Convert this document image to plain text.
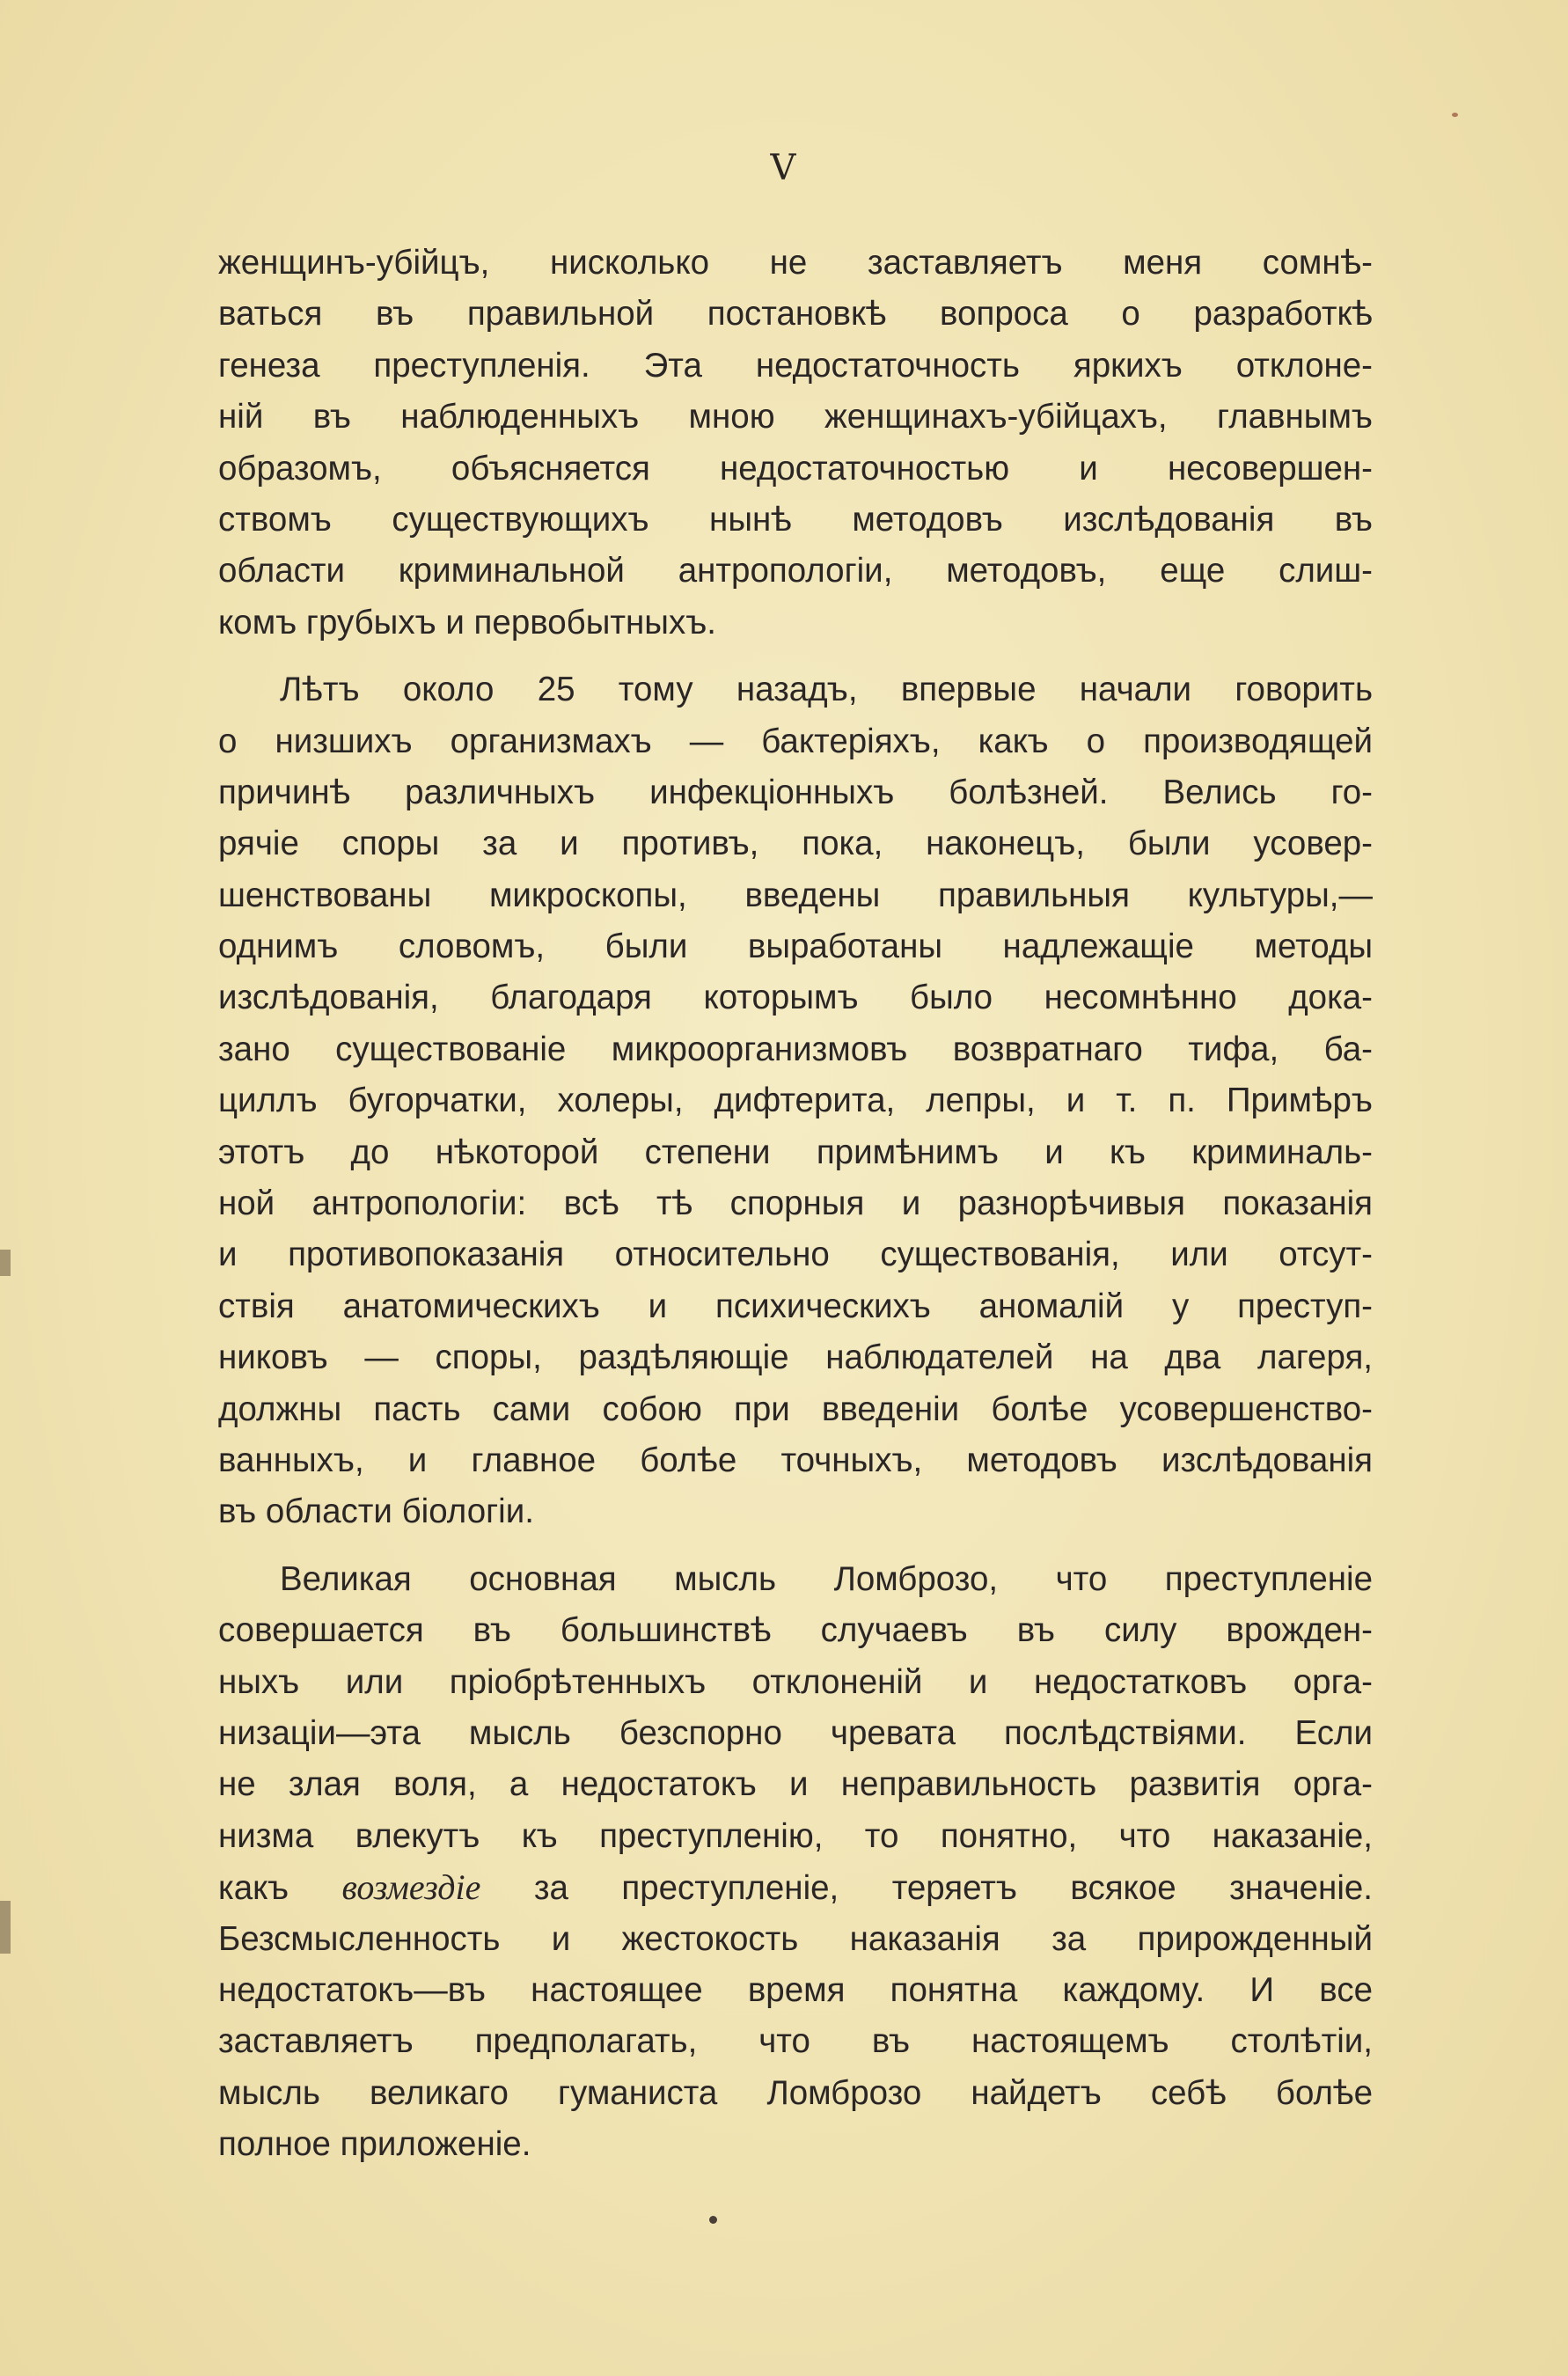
V
женщинъ-убійцъ, нисколько не заставляетъ меня сомнѣ-
ваться въ правильной постановкѣ вопроса о разработкѣ
генеза преступленія. Эта недостаточность яркихъ отклоне-
ній въ наблюденныхъ мною женщинахъ-убійцахъ, главнымъ
образомъ, объясняется недостаточностью и несовершен-
ствомъ существующихъ нынѣ методовъ изслѣдованія въ
области криминальной антропологіи, методовъ, еще слиш-
комъ грубыхъ и первобытныхъ.
Лѣтъ около 25 тому назадъ, впервые начали говорить
о низшихъ организмахъ — бактеріяхъ, какъ о производящей
причинѣ различныхъ инфекціонныхъ болѣзней. Велись го-
рячіе споры за и противъ, пока, наконецъ, были усовер-
шенствованы микроскопы, введены правильныя культуры,—
однимъ словомъ, были выработаны надлежащіе методы
изслѣдованія, благодаря которымъ было несомнѣнно дока-
зано существованіе микроорганизмовъ возвратнаго тифа, ба-
циллъ бугорчатки, холеры, дифтерита, лепры, и т. п. Примѣръ
этотъ до нѣкоторой степени примѣнимъ и къ криминаль-
ной антропологіи: всѣ тѣ спорныя и разнорѣчивыя показанія
и противопоказанія относительно существованія, или отсут-
ствія анатомическихъ и психическихъ аномалій у преступ-
никовъ — споры, раздѣляющіе наблюдателей на два лагеря,
должны пасть сами собою при введеніи болѣе усовершенство-
ванныхъ, и главное болѣе точныхъ, методовъ изслѣдованія
въ области біологіи.
Великая основная мысль Ломброзо, что преступленіе
совершается въ большинствѣ случаевъ въ силу врожден-
ныхъ или пріобрѣтенныхъ отклоненій и недостатковъ орга-
низаціи—эта мысль безспорно чревата послѣдствіями. Если
не злая воля, а недостатокъ и неправильность развитія орга-
низма влекутъ къ преступленію, то понятно, что наказаніе,
какъ возмездіе за преступленіе, теряетъ всякое значеніе.
Безсмысленность и жестокость наказанія за прирожденный
недостатокъ—въ настоящее время понятна каждому. И все
заставляетъ предполагать, что въ настоящемъ столѣтіи,
мысль великаго гуманиста Ломброзо найдетъ себѣ болѣе
полное приложеніе.
